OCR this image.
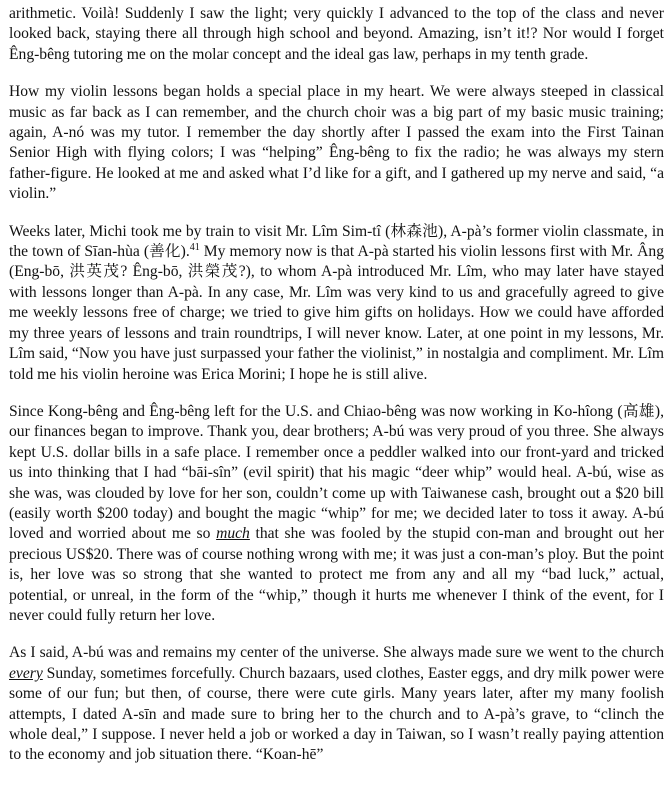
arithmetic. Voilà! Suddenly I saw the light; very quickly I advanced to the top of the class and never looked back, staying there all through high school and beyond. Amazing, isn’t it!? Nor would I forget Êng-bêng tutoring me on the molar concept and the ideal gas law, perhaps in my tenth grade.

How my violin lessons began holds a special place in my heart. We were always steeped in classical music as far back as I can remember, and the church choir was a big part of my basic music training; again, A-nó was my tutor. I remember the day shortly after I passed the exam into the First Tainan Senior High with flying colors; I was “helping” Êng-bêng to fix the radio; he was always my stern father-figure. He looked at me and asked what I’d like for a gift, and I gathered up my nerve and said, “a violin.”

Weeks later, Michi took me by train to visit Mr. Lîm Sim-tî (林森池), A-pà’s former violin classmate, in the town of Sīan-hùa (善化).$^{41}$ My memory now is that A-pà started his violin lessons first with Mr. Âng (Eng-bō, 洪英茂? Êng-bō, 洪榮茂?), to whom A-pà introduced Mr. Lîm, who may later have stayed with lessons longer than A-pà. In any case, Mr. Lîm was very kind to us and gracefully agreed to give me weekly lessons free of charge; we tried to give him gifts on holidays. How we could have afforded my three years of lessons and train roundtrips, I will never know. Later, at one point in my lessons, Mr. Lîm said, “Now you have just surpassed your father the violinist,” in nostalgia and compliment. Mr. Lîm told me his violin heroine was Erica Morini; I hope he is still alive.

Since Kong-bêng and Êng-bêng left for the U.S. and Chiao-bêng was now working in Ko-hîong (高雄), our finances began to improve. Thank you, dear brothers; A-bú was very proud of you three. She always kept U.S. dollar bills in a safe place. I remember once a peddler walked into our front-yard and tricked us into thinking that I had “bāi-sîn” (evil spirit) that his magic “deer whip” would heal. A-bú, wise as she was, was clouded by love for her son, couldn’t come up with Taiwanese cash, brought out a $20 bill (easily worth $200 today) and bought the magic “whip” for me; we decided later to toss it away. A-bú loved and worried about me so much that she was fooled by the stupid con-man and brought out her precious US$20. There was of course nothing wrong with me; it was just a con-man’s ploy. But the point is, her love was so strong that she wanted to protect me from any and all my “bad luck,” actual, potential, or unreal, in the form of the “whip,” though it hurts me whenever I think of the event, for I never could fully return her love.

As I said, A-bú was and remains my center of the universe. She always made sure we went to the church every Sunday, sometimes forcefully. Church bazaars, used clothes, Easter eggs, and dry milk power were some of our fun; but then, of course, there were cute girls. Many years later, after my many foolish attempts, I dated A-sīn and made sure to bring her to the church and to A-pà’s grave, to “clinch the whole deal,” I suppose. I never held a job or worked a day in Taiwan, so I wasn’t really paying attention to the economy and job situation there. “Koan-hē”
